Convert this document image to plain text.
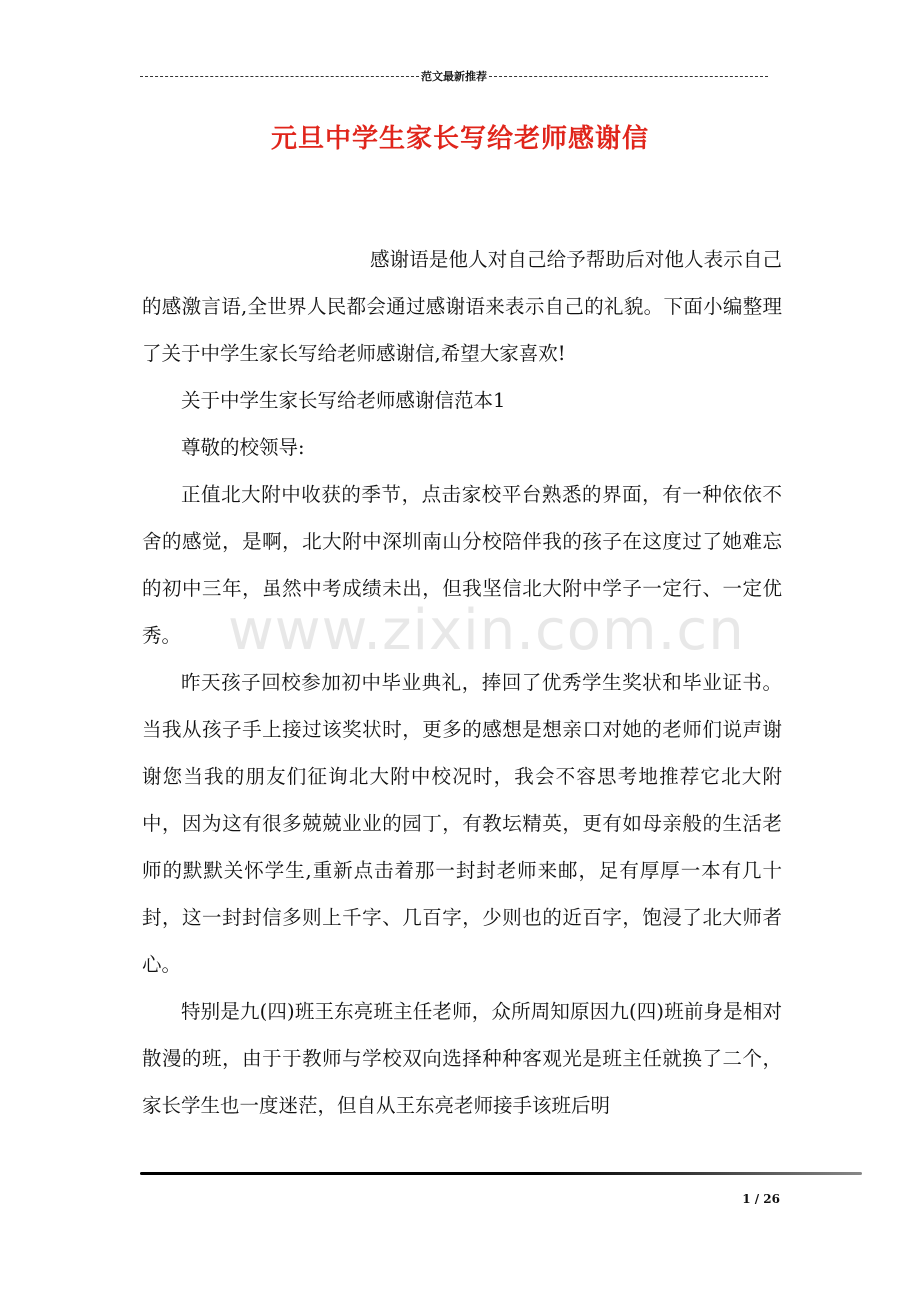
范文最新推荐
元旦中学生家长写给老师感谢信

感谢语是他人对自己给予帮助后对他人表示自己的感激言语,全世界人民都会通过感谢语来表示自己的礼貌。下面小编整理了关于中学生家长写给老师感谢信,希望大家喜欢!

关于中学生家长写给老师感谢信范本1

尊敬的校领导:

正值北大附中收获的季节，点击家校平台熟悉的界面，有一种依依不舍的感觉，是啊，北大附中深圳南山分校陪伴我的孩子在这度过了她难忘的初中三年，虽然中考成绩未出，但我坚信北大附中学子一定行、一定优秀。

昨天孩子回校参加初中毕业典礼，捧回了优秀学生奖状和毕业证书。当我从孩子手上接过该奖状时，更多的感想是想亲口对她的老师们说声谢谢您当我的朋友们征询北大附中校况时，我会不容思考地推荐它北大附中，因为这有很多兢兢业业的园丁，有教坛精英，更有如母亲般的生活老师的默默关怀学生,重新点击着那一封封老师来邮，足有厚厚一本有几十封，这一封封信多则上千字、几百字，少则也的近百字，饱浸了北大师者心。

特别是九(四)班王东亮班主任老师，众所周知原因九(四)班前身是相对散漫的班，由于于教师与学校双向选择种种客观光是班主任就换了二个，家长学生也一度迷茫，但自从王东亮老师接手该班后明

www.zixin.com.cn
1 / 26
